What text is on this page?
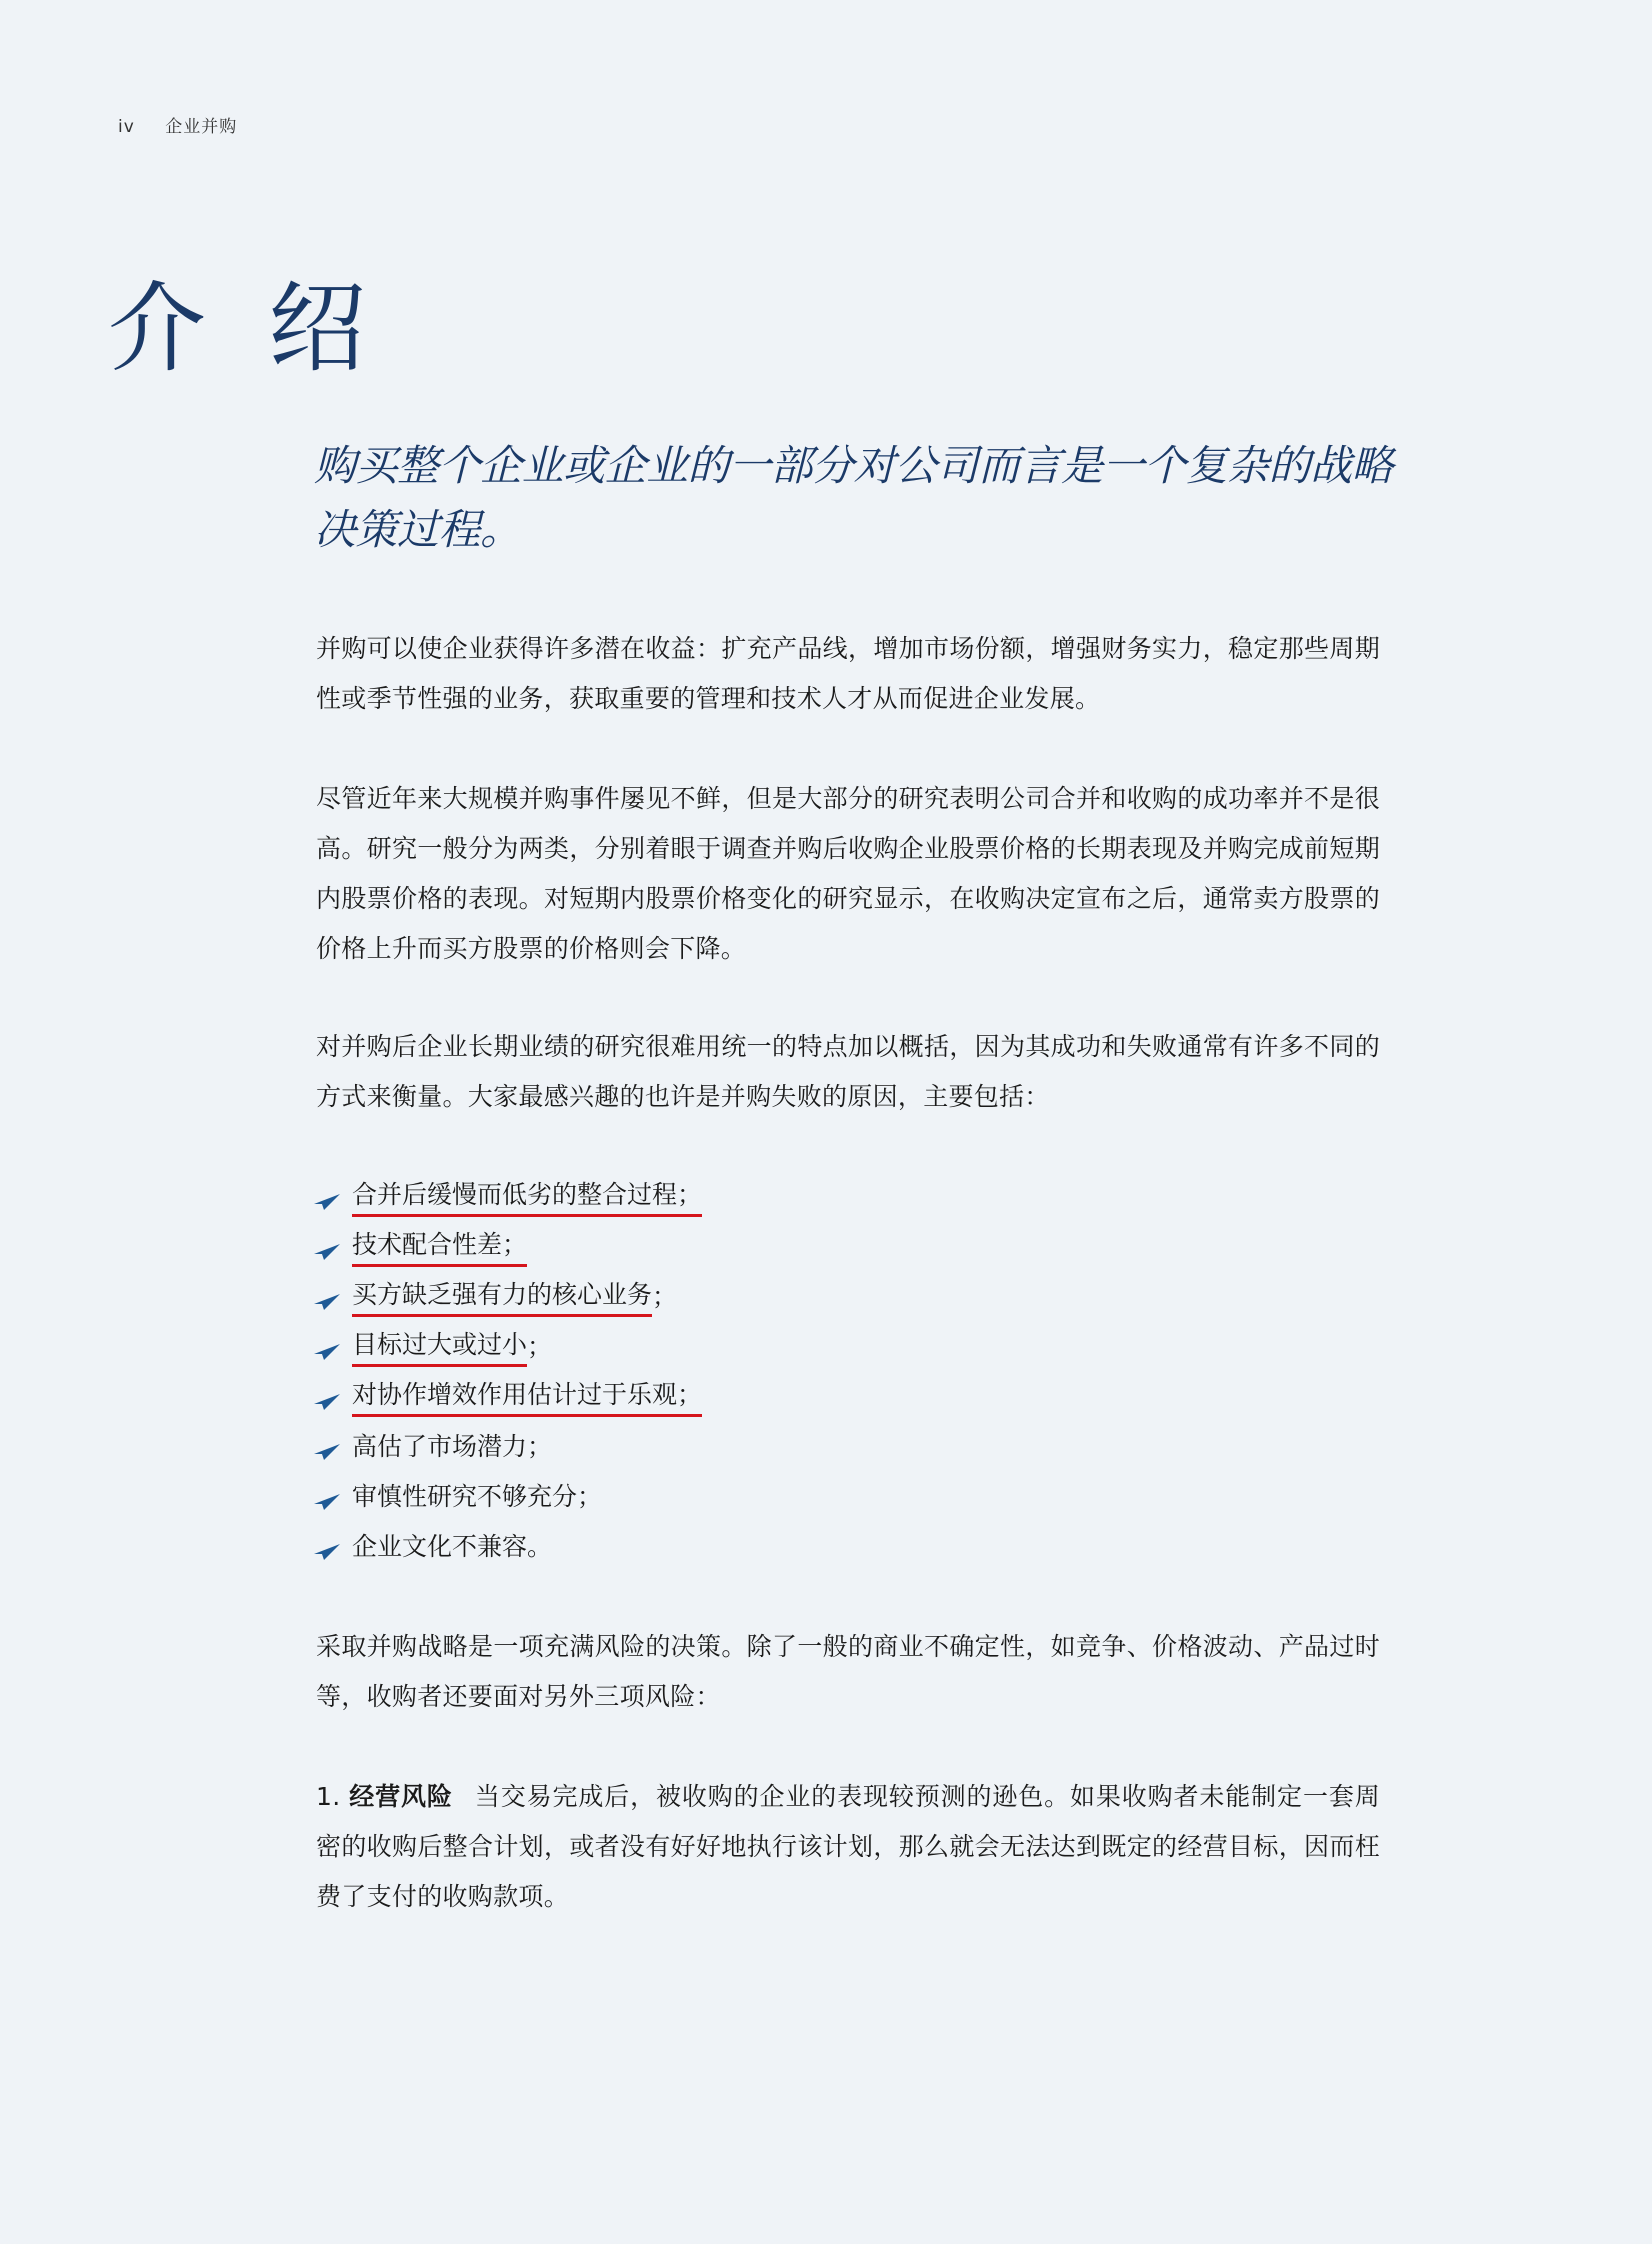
iv 企业并购
介绍
购买整个企业或企业的一部分对公司而言是一个复杂的战略决策过程。
并购可以使企业获得许多潜在收益：扩充产品线，增加市场份额，增强财务实力，稳定那些周期性或季节性强的业务，获取重要的管理和技术人才从而促进企业发展。
尽管近年来大规模并购事件屡见不鲜，但是大部分的研究表明公司合并和收购的成功率并不是很高。研究一般分为两类，分别着眼于调查并购后收购企业股票价格的长期表现及并购完成前短期内股票价格的表现。对短期内股票价格变化的研究显示，在收购决定宣布之后，通常卖方股票的价格上升而买方股票的价格则会下降。
对并购后企业长期业绩的研究很难用统一的特点加以概括，因为其成功和失败通常有许多不同的方式来衡量。大家最感兴趣的也许是并购失败的原因，主要包括：
合并后缓慢而低劣的整合过程；
技术配合性差；
买方缺乏强有力的核心业务 ；
目标过大或过小 ；
对协作增效作用估计过于乐观；
高估了市场潜力；
审慎性研究不够充分；
企业文化不兼容。
采取并购战略是一项充满风险的决策。除了一般的商业不确定性，如竞争、价格波动、产品过时等，收购者还要面对另外三项风险：
1. 经营风险 当交易完成后，被收购的企业的表现较预测的逊色。如果收购者未能制定一套周密的收购后整合计划，或者没有好好地执行该计划，那么就会无法达到既定的经营目标，因而枉费了支付的收购款项。
